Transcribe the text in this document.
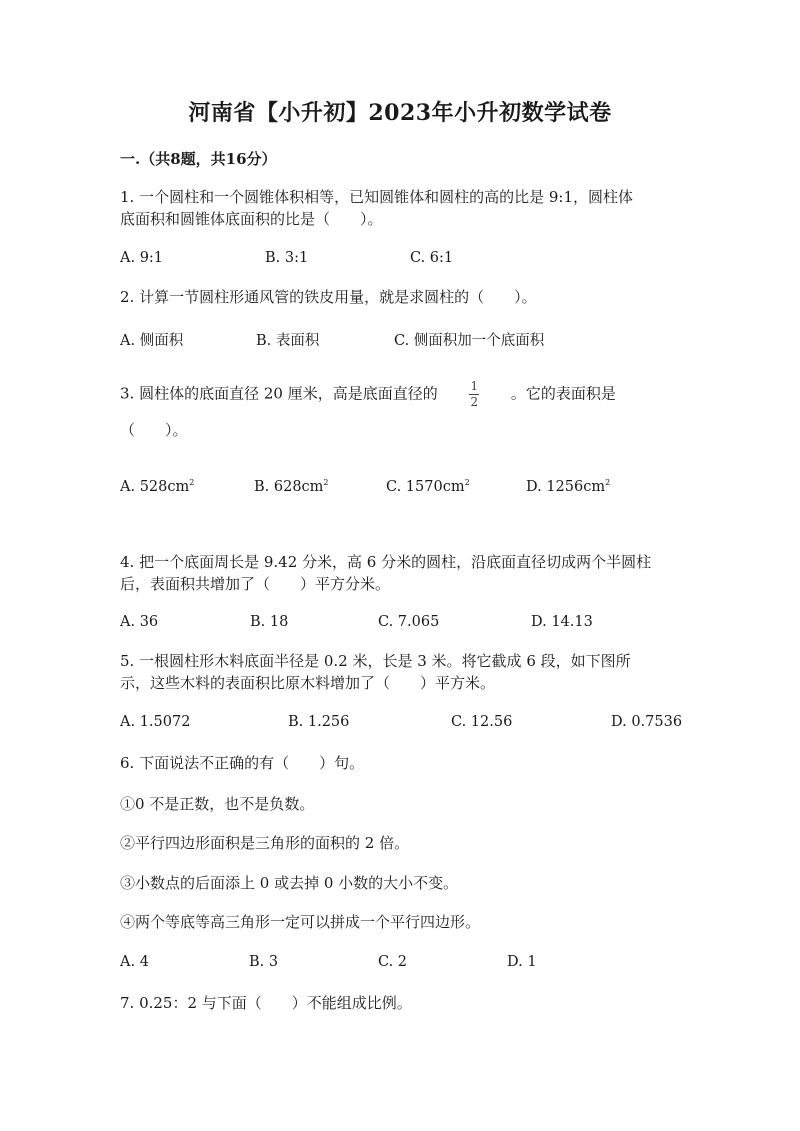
河南省【小升初】2023年小升初数学试卷
一.（共8题，共16分）
1. 一个圆柱和一个圆锥体积相等，已知圆锥体和圆柱的高的比是 9:1，圆柱体
底面积和圆锥体底面积的比是（　　）。
A. 9:1	B. 3:1	C. 6:1
2. 计算一节圆柱形通风管的铁皮用量，就是求圆柱的（　　）。
A. 侧面积	B. 表面积	C. 侧面积加一个底面积
3. 圆柱体的底面直径 20 厘米，高是底面直径的	$\frac{1}{2}$ 。它的表面积是
（　　）。
A. $528cm^2$	B. $628cm^2$	C. $1570cm^2$	D. $1256cm^2$
4. 把一个底面周长是 9.42 分米，高 6 分米的圆柱，沿底面直径切成两个半圆柱
后，表面积共增加了（　　）平方分米。
A. 36	B. 18	C. 7.065	D. 14.13
5. 一根圆柱形木料底面半径是 0.2 米，长是 3 米。将它截成 6 段，如下图所
示，这些木料的表面积比原木料增加了（　　）平方米。
A. 1.5072	B. 1.256	C. 12.56	D. 0.7536
6. 下面说法不正确的有（　　）句。
①0 不是正数，也不是负数。
②平行四边形面积是三角形的面积的 2 倍。
③小数点的后面添上 0 或去掉 0 小数的大小不变。
④两个等底等高三角形一定可以拼成一个平行四边形。
A. 4	B. 3	C. 2	D. 1
7. 0.25：2 与下面（　　）不能组成比例。
